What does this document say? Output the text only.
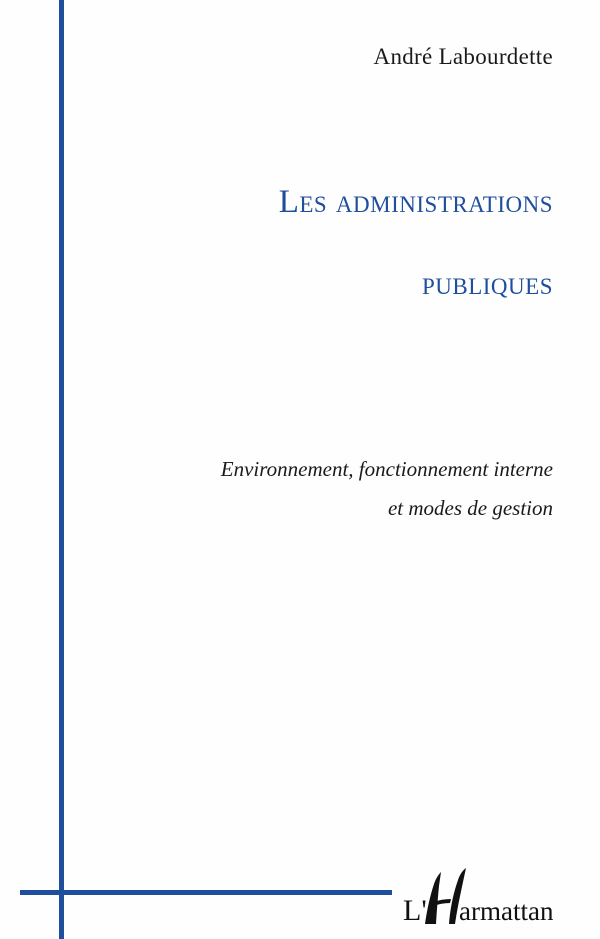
André Labourdette
Les administrations
publiques
Environnement, fonctionnement interne
et modes de gestion
L' armattan
